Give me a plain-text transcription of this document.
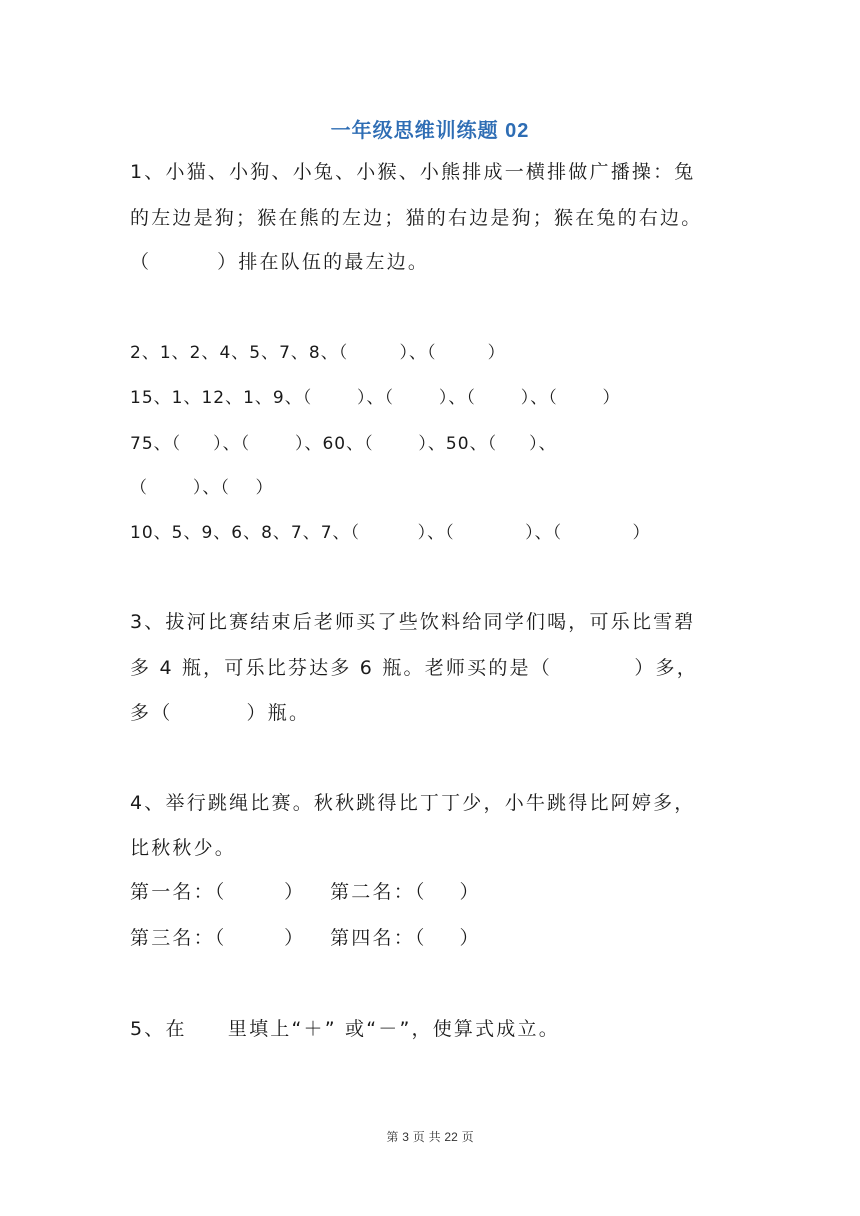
一年级思维训练题 02
1、小猫、小狗、小兔、小猴、小熊排成一横排做广播操：兔
的左边是狗；猴在熊的左边；猫的右边是狗；猴在兔的右边。
（        ）排在队伍的最左边。
2、1、2、4、5、7、8、（        ）、（        ）
15、1、12、1、9、（       ）、（       ）、（       ）、（       ）
75、（     ）、（       ）、60、（       ）、50、（     ）、
（       ）、（    ）
10、5、9、6、8、7、7、（         ）、（           ）、（           ）
3、拔河比赛结束后老师买了些饮料给同学们喝，可乐比雪碧
多 4 瓶，可乐比芬达多 6 瓶。老师买的是（          ）多，
多（         ）瓶。
4、举行跳绳比赛。秋秋跳得比丁丁少，小牛跳得比阿婷多，
比秋秋少。
第一名：（       ）   第二名：（    ）
第三名：（       ）   第四名：（    ）
5、在     里填上“＋” 或“－”，使算式成立。
第 3 页 共 22 页
